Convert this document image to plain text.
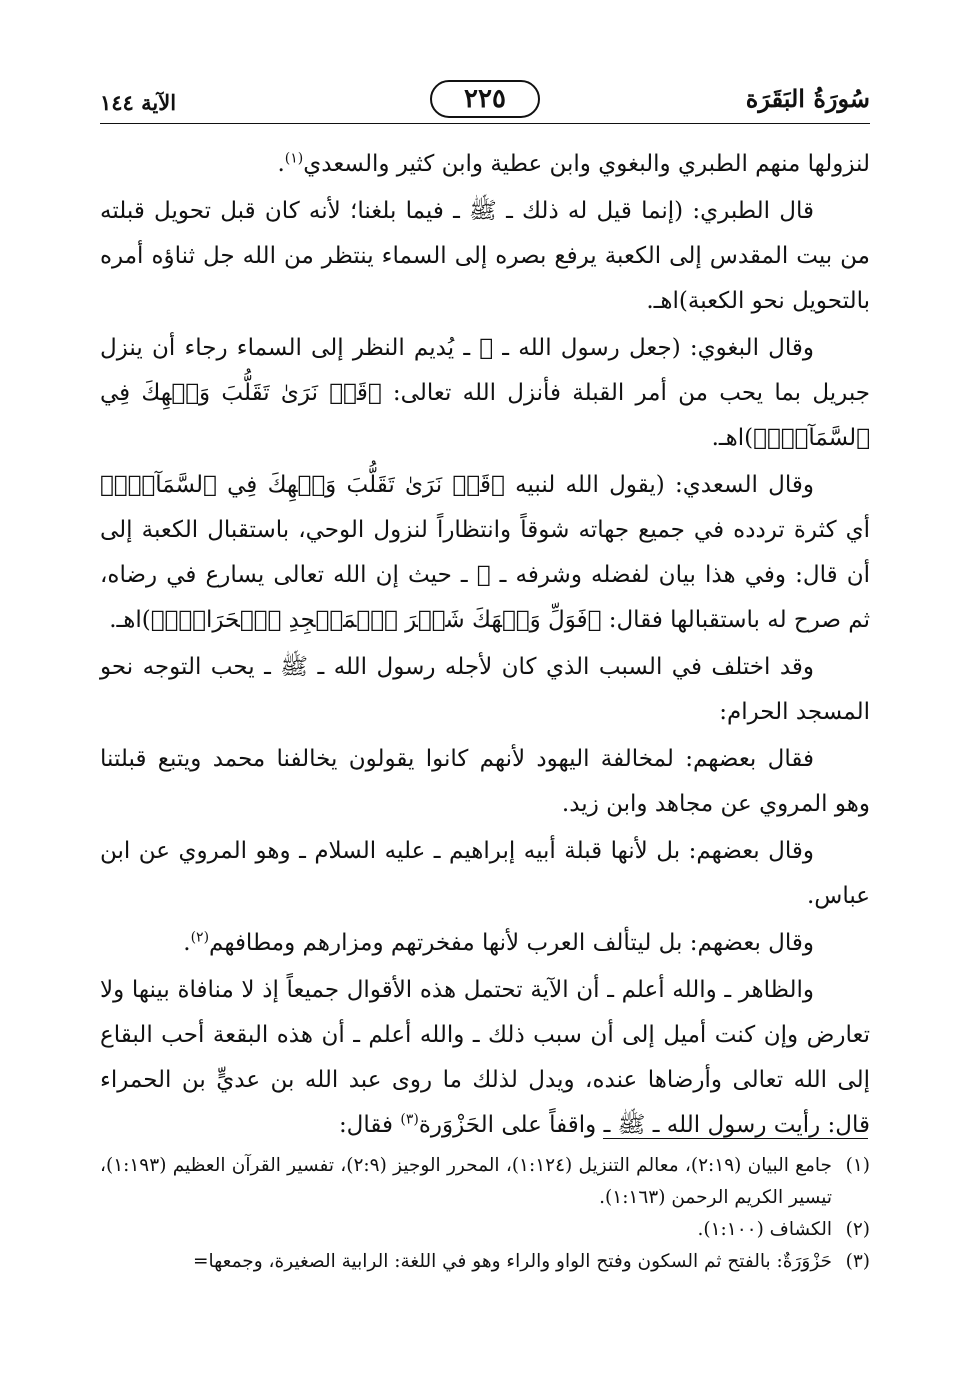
سُورَةُ البَقَرَة
٢٢٥
الآية ١٤٤

لنزولها منهم الطبري والبغوي وابن عطية وابن كثير والسعدي$^{(١)}$.

قال الطبري: (إنما قيل له ذلك ـ ﷺ ـ فيما بلغنا؛ لأنه كان قبل تحويل قبلته من بيت المقدس إلى الكعبة يرفع بصره إلى السماء ينتظر من الله جل ثناؤه أمره بالتحويل نحو الكعبة)اهـ.

وقال البغوي: (جعل رسول الله ـ ﷺ ـ يُديم النظر إلى السماء رجاء أن ينزل جبريل بما يحب من أمر القبلة فأنزل الله تعالى: ﴿قَدۡ نَرَىٰ تَقَلُّبَ وَجۡهِكَ فِي ٱلسَّمَآءِۖ﴾)اهـ.

وقال السعدي: (يقول الله لنبيه ﴿قَدۡ نَرَىٰ تَقَلُّبَ وَجۡهِكَ فِي ٱلسَّمَآءِۖ﴾ أي كثرة تردده في جميع جهاته شوقاً وانتظاراً لنزول الوحي، باستقبال الكعبة إلى أن قال: وفي هذا بيان لفضله وشرفه ـ ﷺ ـ حيث إن الله تعالى يسارع في رضاه، ثم صرح له باستقبالها فقال: ﴿فَوَلِّ وَجۡهَكَ شَطۡرَ ٱلۡمَسۡجِدِ ٱلۡحَرَامِۚ﴾)اهـ.

وقد اختلف في السبب الذي كان لأجله رسول الله ـ ﷺ ـ يحب التوجه نحو المسجد الحرام:

فقال بعضهم: لمخالفة اليهود لأنهم كانوا يقولون يخالفنا محمد ويتبع قبلتنا وهو المروي عن مجاهد وابن زيد.

وقال بعضهم: بل لأنها قبلة أبيه إبراهيم ـ عليه السلام ـ وهو المروي عن ابن عباس.

وقال بعضهم: بل ليتألف العرب لأنها مفخرتهم ومزارهم ومطافهم$^{(٢)}$.

والظاهر ـ والله أعلم ـ أن الآية تحتمل هذه الأقوال جميعاً إذ لا منافاة بينها ولا تعارض وإن كنت أميل إلى أن سبب ذلك ـ والله أعلم ـ أن هذه البقعة أحب البقاع إلى الله تعالى وأرضاها عنده، ويدل لذلك ما روى عبد الله بن عديٍّ بن الحمراء قال: رأيت رسول الله ـ ﷺ ـ واقفاً على الحَزْوَرة$^{(٣)}$ فقال:

(١)
جامع البيان (٢:١٩)، معالم التنزيل (١:١٢٤)، المحرر الوجيز (٢:٩)، تفسير القرآن العظيم (١:١٩٣)، تيسير الكريم الرحمن (١:١٦٣).
(٢)
الكشاف (١:١٠٠).
(٣)
حَزْوَرَةٌ: بالفتح ثم السكون وفتح الواو والراء وهو في اللغة: الرابية الصغيرة، وجمعها=
